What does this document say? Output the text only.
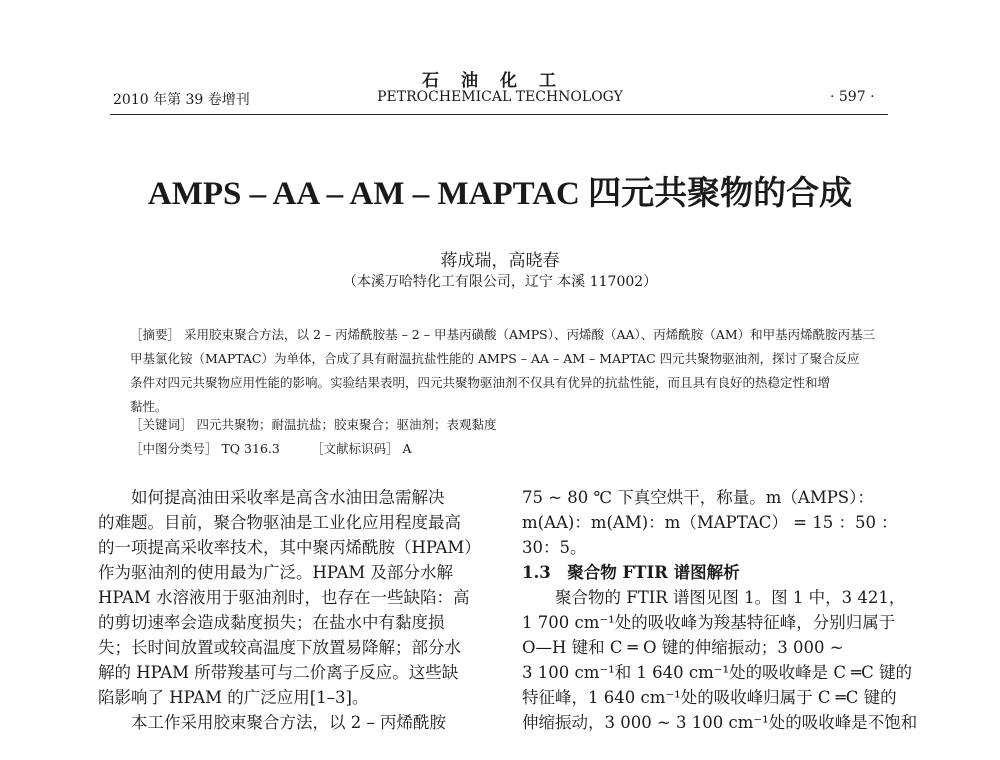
石油化工
2010 年第 39 卷增刊	PETROCHEMICAL TECHNOLOGY	· 597 ·
AMPS – AA – AM – MAPTAC 四元共聚物的合成
蒋成瑞，高晓春
（本溪万哈特化工有限公司，辽宁 本溪 117002）
［摘要］ 采用胶束聚合方法，以 2 – 丙烯酰胺基 – 2 – 甲基丙磺酸（AMPS）、丙烯酸（AA）、丙烯酰胺（AM）和甲基丙烯酰胺丙基三
甲基氯化铵（MAPTAC）为单体，合成了具有耐温抗盐性能的 AMPS – AA – AM – MAPTAC 四元共聚物驱油剂，探讨了聚合反应
条件对四元共聚物应用性能的影响。实验结果表明，四元共聚物驱油剂不仅具有优异的抗盐性能，而且具有良好的热稳定性和增
黏性。
［关键词］ 四元共聚物；耐温抗盐；胶束聚合；驱油剂；表观黏度
［中图分类号］ TQ 316.3　　　［文献标识码］ A
如何提高油田采收率是高含水油田急需解决
的难题。目前，聚合物驱油是工业化应用程度最高
的一项提高采收率技术，其中聚丙烯酰胺（HPAM）
作为驱油剂的使用最为广泛。HPAM 及部分水解
HPAM 水溶液用于驱油剂时，也存在一些缺陷：高
的剪切速率会造成黏度损失；在盐水中有黏度损
失；长时间放置或较高温度下放置易降解；部分水
解的 HPAM 所带羧基可与二价离子反应。这些缺
陷影响了 HPAM 的广泛应用[1–3]。
本工作采用胶束聚合方法，以 2 – 丙烯酰胺
75 ~ 80 ℃ 下真空烘干，称量。m（AMPS）：
m(AA)：m(AM)：m（MAPTAC） = 15 ：50 ：
30：5。
1.3　聚合物 FTIR 谱图解析
聚合物的 FTIR 谱图见图 1。图 1 中，3 421，
1 700 cm⁻¹处的吸收峰为羧基特征峰，分别归属于
O—H 键和 C ═ O 键的伸缩振动；3 000 ~
3 100 cm⁻¹和 1 640 cm⁻¹处的吸收峰是 C ═C 键的
特征峰，1 640 cm⁻¹处的吸收峰归属于 C ═C 键的
伸缩振动，3 000 ~ 3 100 cm⁻¹处的吸收峰是不饱和
